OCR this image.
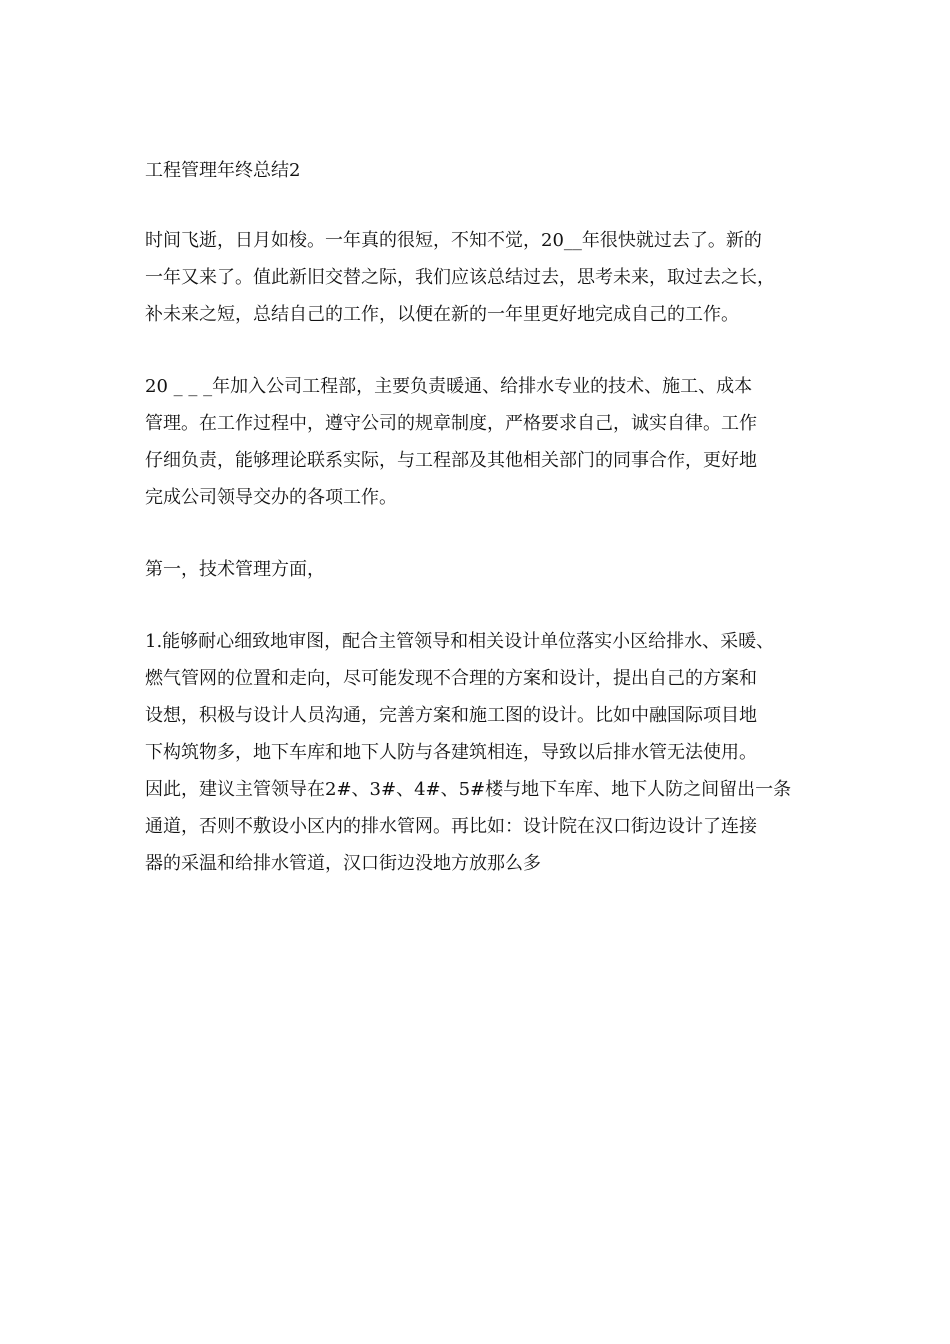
工程管理年终总结2
时间飞逝，日月如梭。一年真的很短，不知不觉，20__年很快就过去了。新的
一年又来了。值此新旧交替之际，我们应该总结过去，思考未来，取过去之长，
补未来之短，总结自己的工作，以便在新的一年里更好地完成自己的工作。
20 _ _ _年加入公司工程部，主要负责暖通、给排水专业的技术、施工、成本
管理。在工作过程中，遵守公司的规章制度，严格要求自己，诚实自律。工作
仔细负责，能够理论联系实际，与工程部及其他相关部门的同事合作，更好地
完成公司领导交办的各项工作。
第一，技术管理方面，
1.能够耐心细致地审图，配合主管领导和相关设计单位落实小区给排水、采暖、
燃气管网的位置和走向，尽可能发现不合理的方案和设计，提出自己的方案和
设想，积极与设计人员沟通，完善方案和施工图的设计。比如中融国际项目地
下构筑物多，地下车库和地下人防与各建筑相连，导致以后排水管无法使用。
因此，建议主管领导在2#、3#、4#、5#楼与地下车库、地下人防之间留出一条
通道，否则不敷设小区内的排水管网。再比如：设计院在汉口街边设计了连接
器的采温和给排水管道，汉口街边没地方放那么多
